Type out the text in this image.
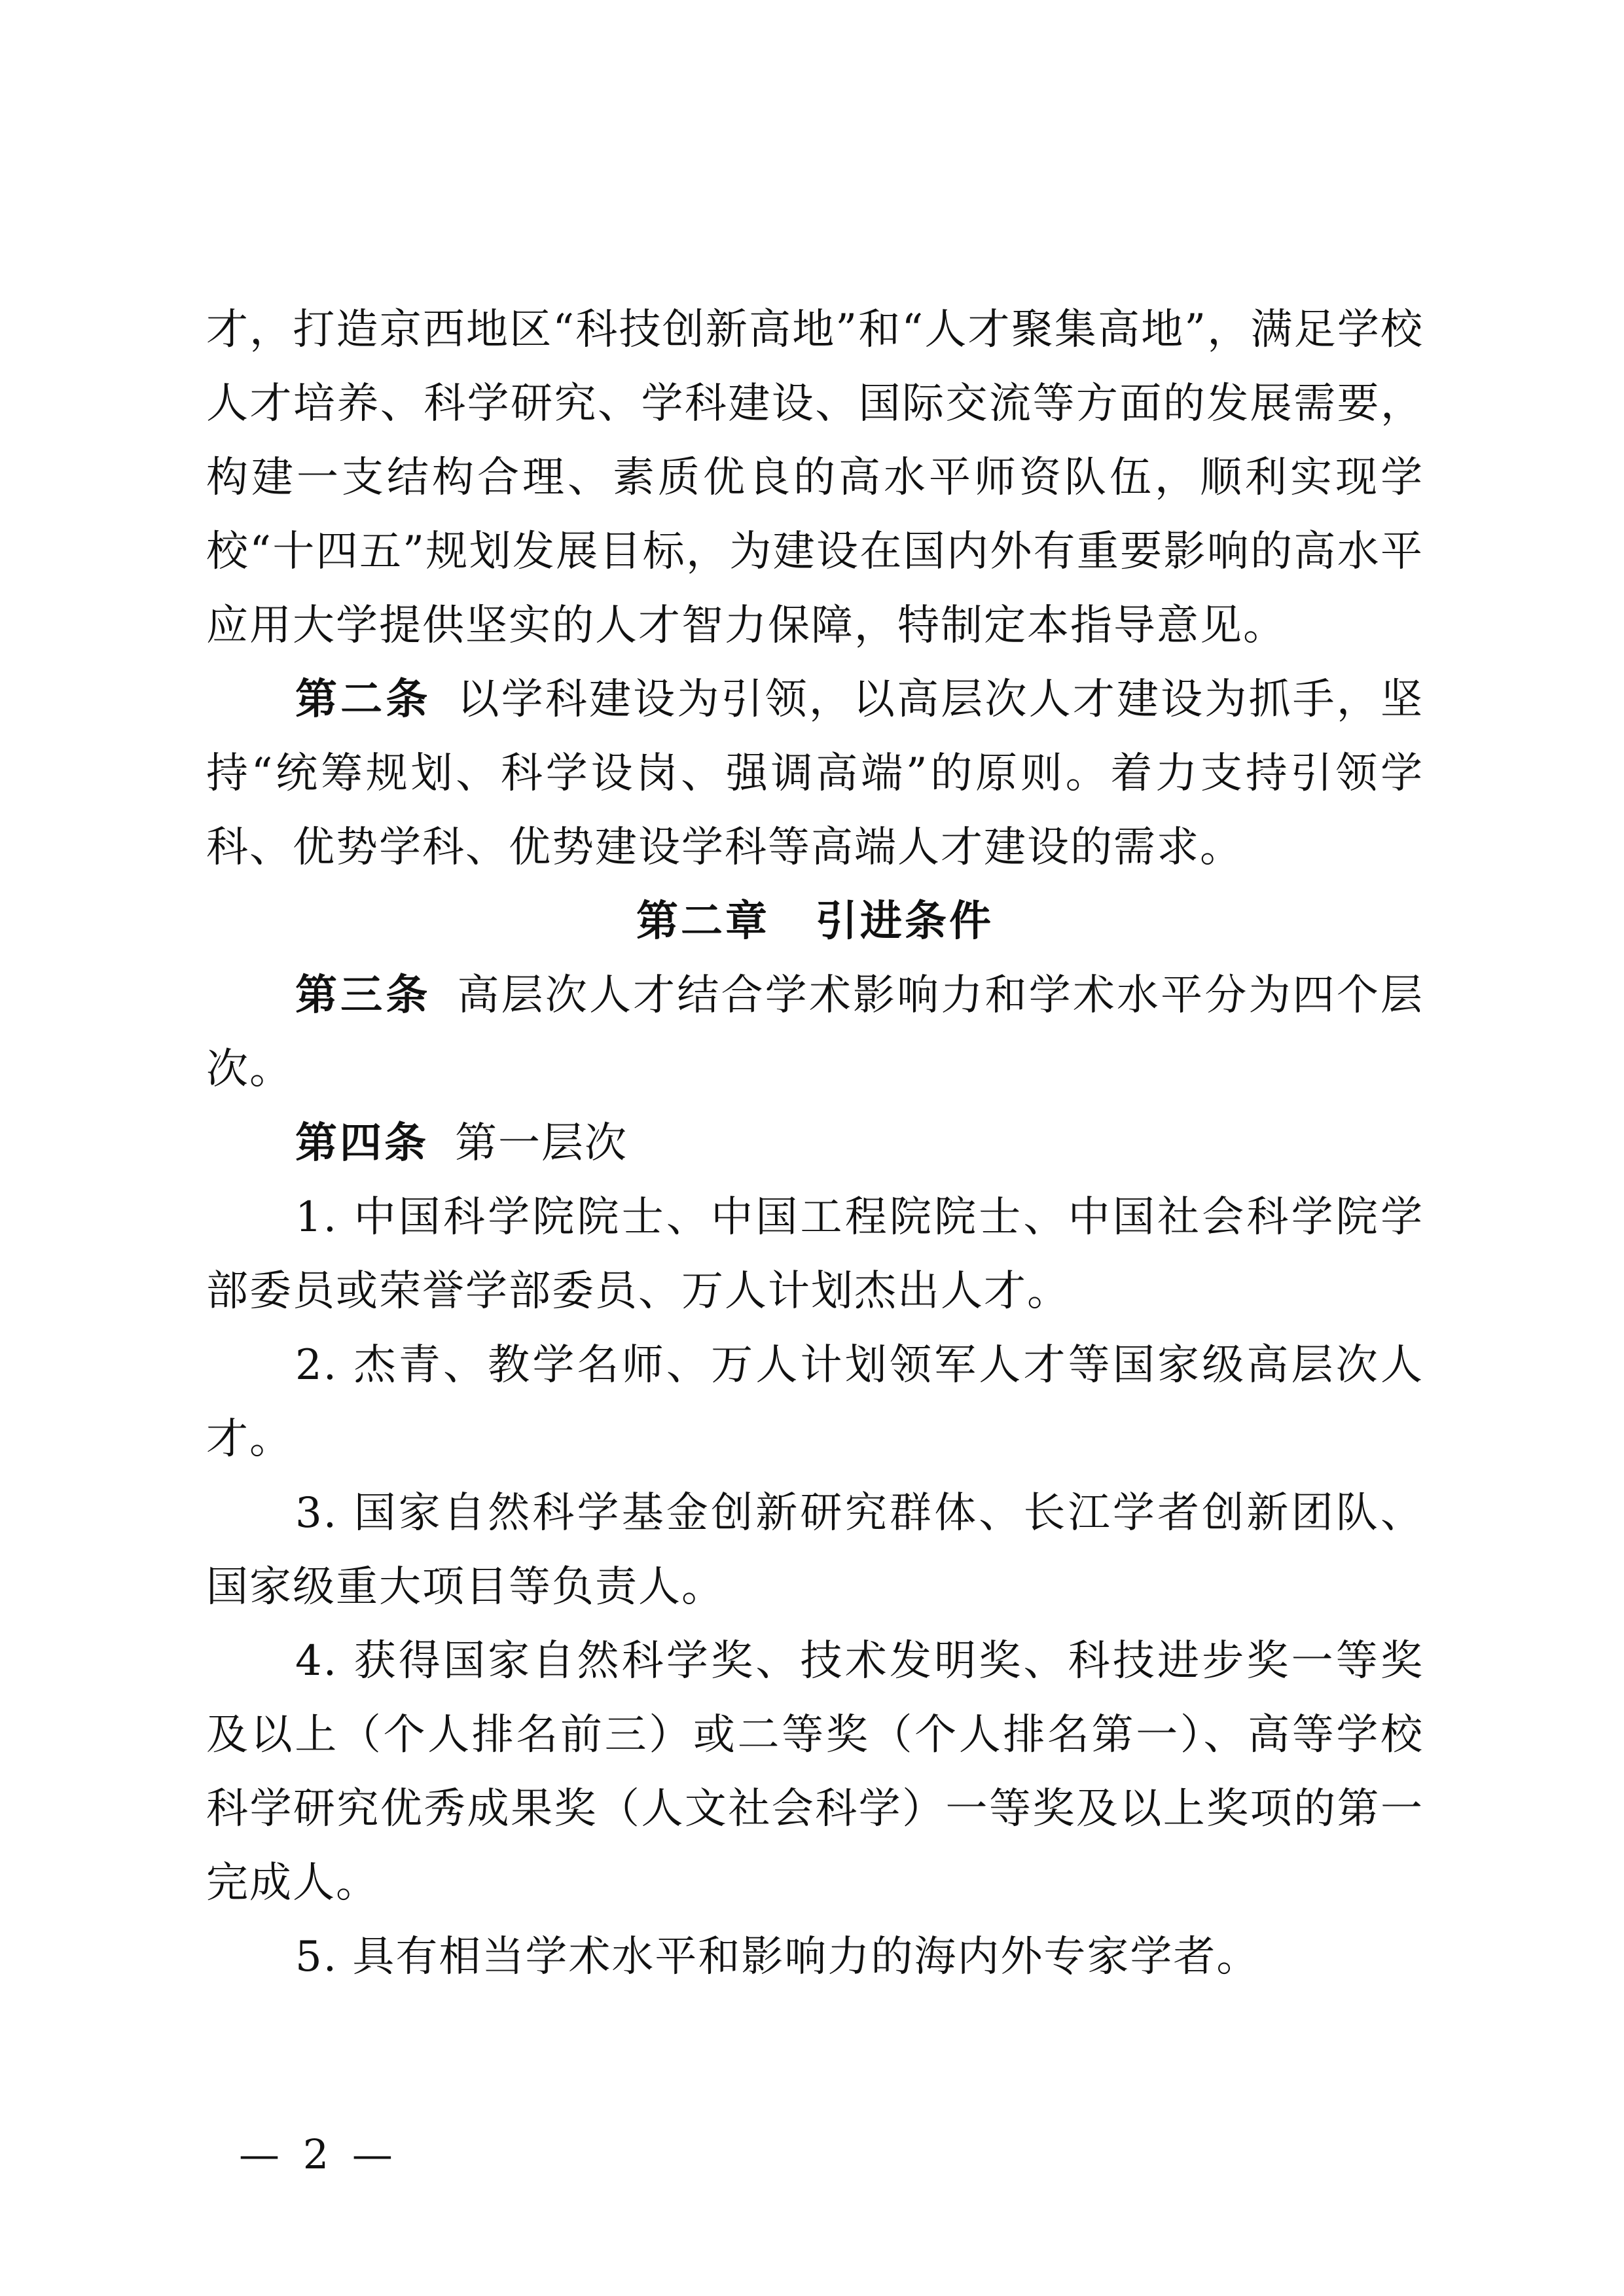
才，打造京西地区“科技创新高地”和“人才聚集高地”，满足学校人才培养、科学研究、学科建设、国际交流等方面的发展需要，构建一支结构合理、素质优良的高水平师资队伍，顺利实现学校“十四五”规划发展目标，为建设在国内外有重要影响的高水平应用大学提供坚实的人才智力保障，特制定本指导意见。

第二条 以学科建设为引领，以高层次人才建设为抓手，坚持“统筹规划、科学设岗、强调高端”的原则。着力支持引领学科、优势学科、优势建设学科等高端人才建设的需求。

第二章 引进条件

第三条 高层次人才结合学术影响力和学术水平分为四个层次。

第四条 第一层次

1. 中国科学院院士、中国工程院院士、中国社会科学院学部委员或荣誉学部委员、万人计划杰出人才。

2. 杰青、教学名师、万人计划领军人才等国家级高层次人才。

3. 国家自然科学基金创新研究群体、长江学者创新团队、国家级重大项目等负责人。

4. 获得国家自然科学奖、技术发明奖、科技进步奖一等奖及以上（个人排名前三）或二等奖（个人排名第一）、高等学校科学研究优秀成果奖（人文社会科学）一等奖及以上奖项的第一完成人。

5. 具有相当学术水平和影响力的海内外专家学者。

— 2 —
